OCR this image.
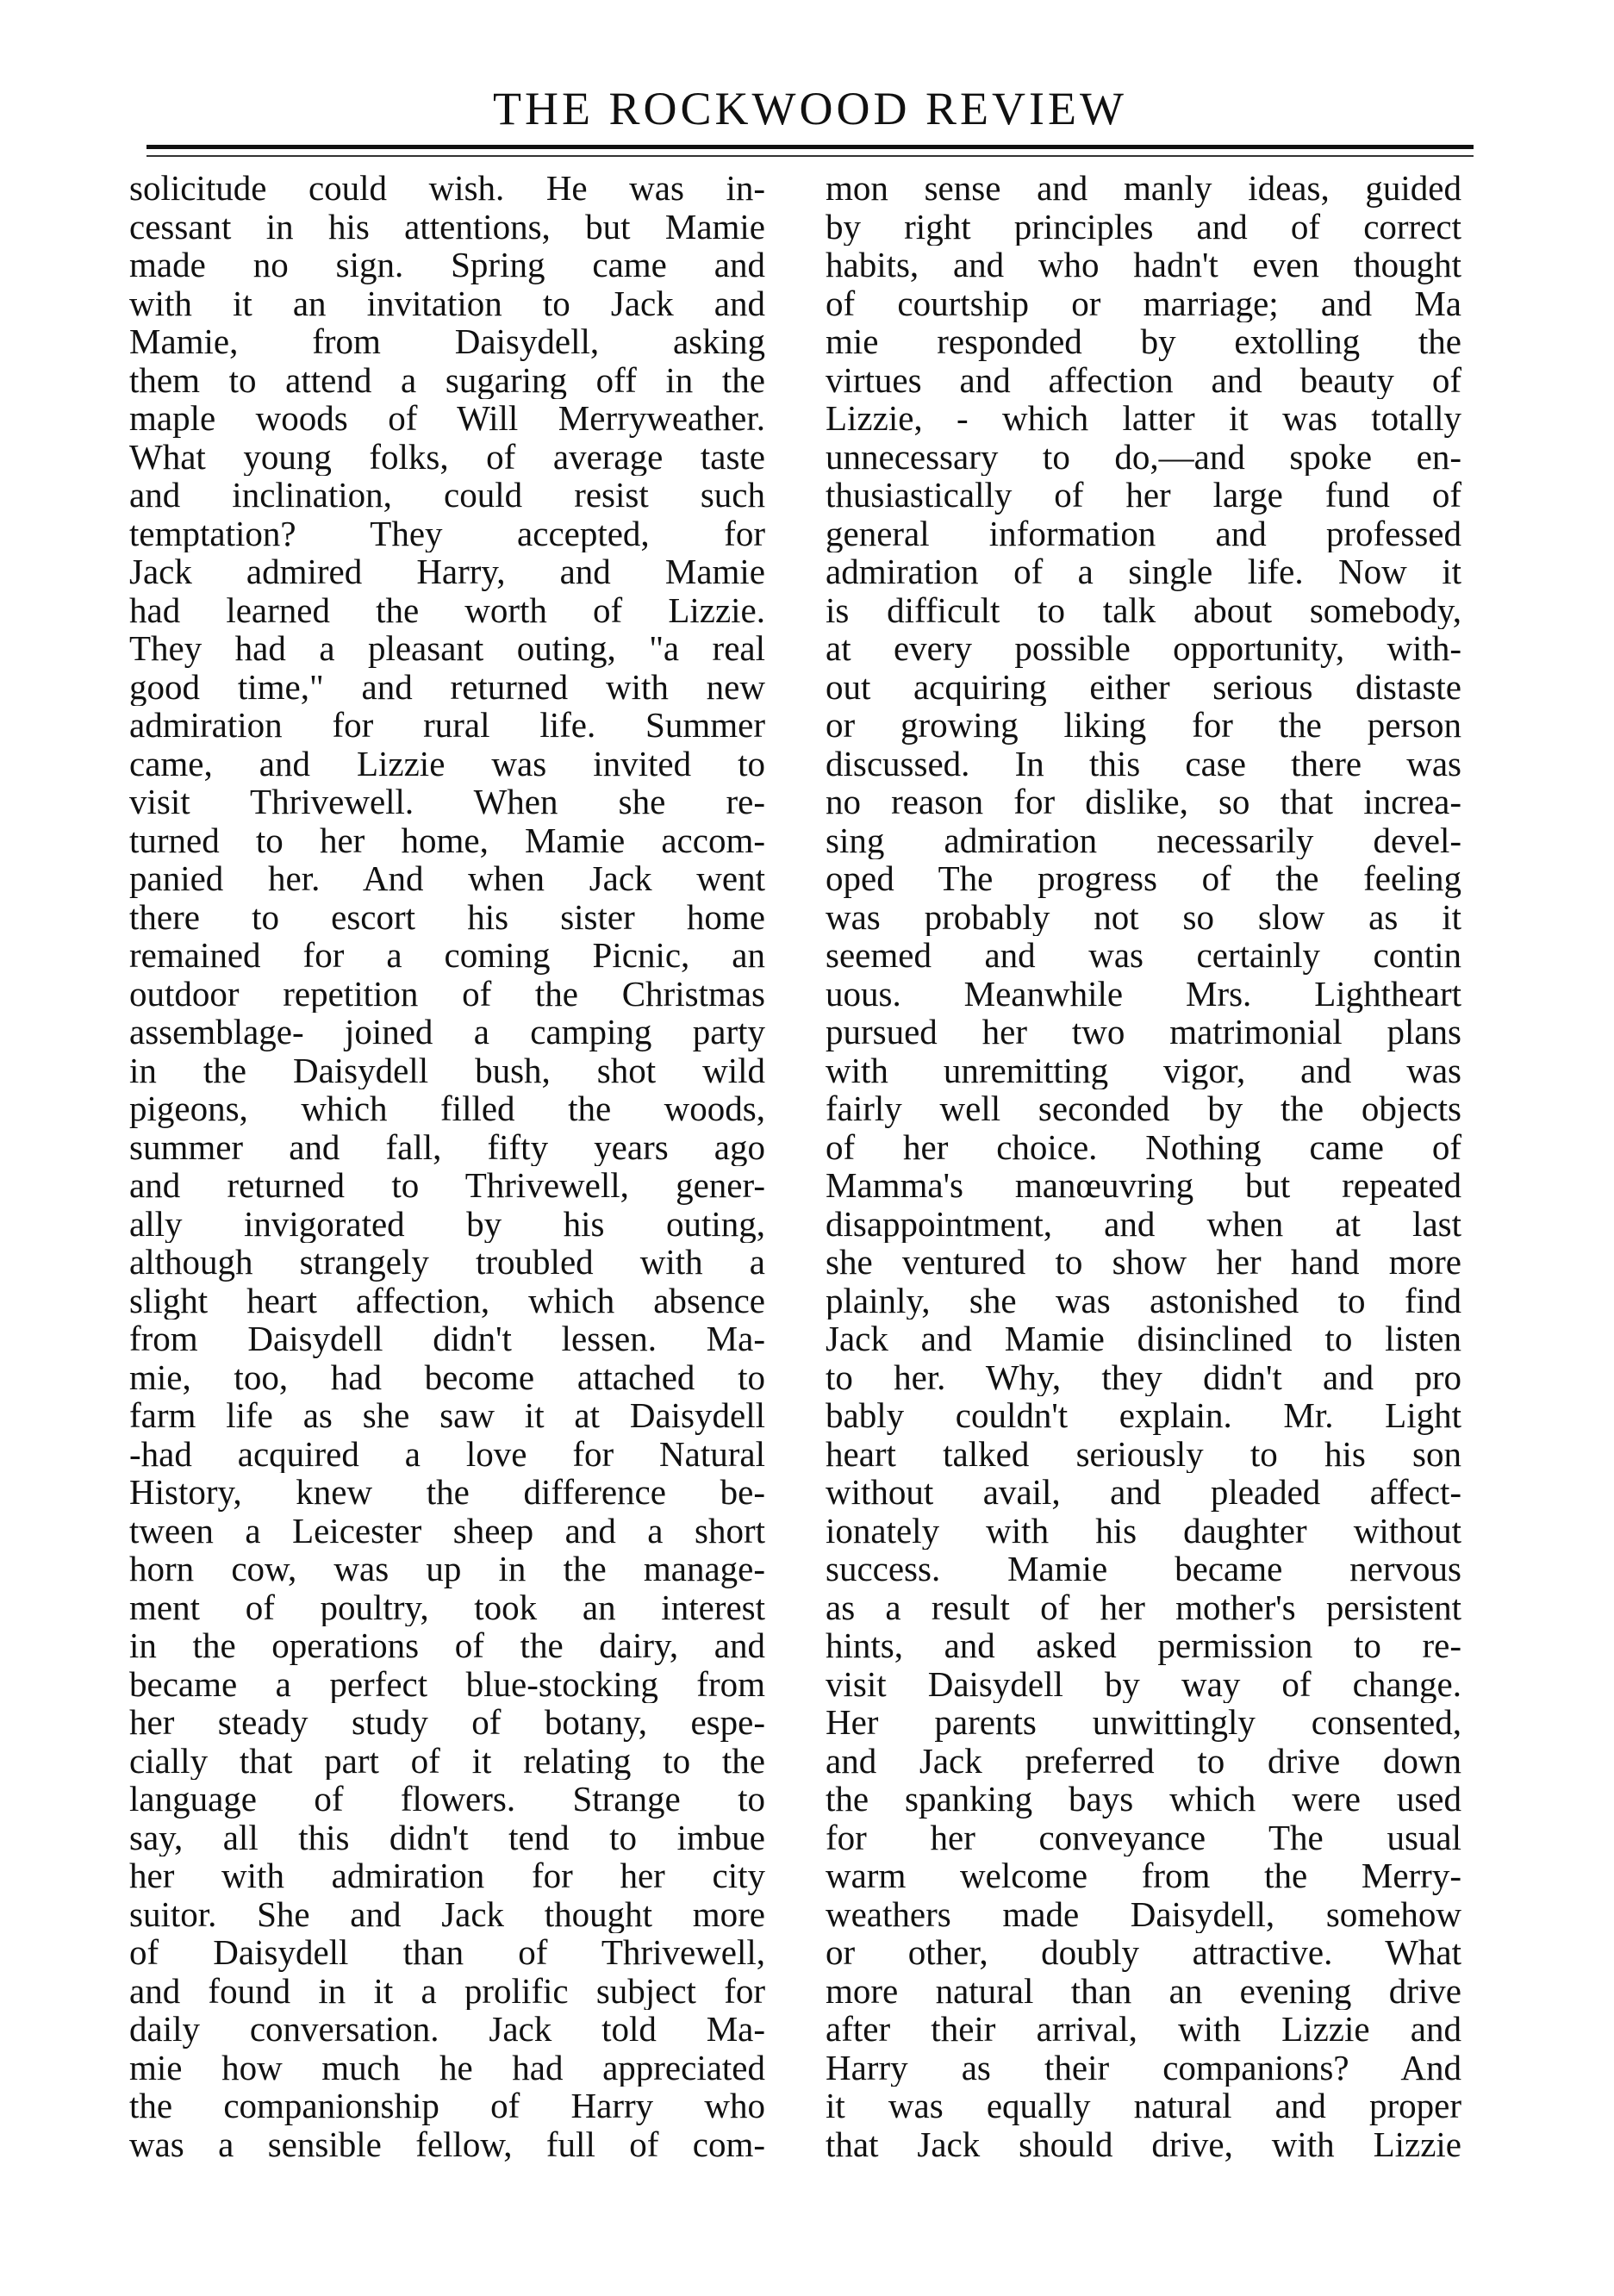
THE ROCKWOOD REVIEW
solicitude could wish. He was in-
cessant in his attentions, but Mamie
made no sign. Spring came and
with it an invitation to Jack and
Mamie, from Daisydell, asking
them to attend a sugaring off in the
maple woods of Will Merryweather.
What young folks, of average taste
and inclination, could resist such
temptation? They accepted, for
Jack admired Harry, and Mamie
had learned the worth of Lizzie.
They had a pleasant outing, "a real
good time," and returned with new
admiration for rural life. Summer
came, and Lizzie was invited to
visit Thrivewell. When she re-
turned to her home, Mamie accom-
panied her. And when Jack went
there to escort his sister home
remained for a coming Picnic, an
outdoor repetition of the Christmas
assemblage- joined a camping party
in the Daisydell bush, shot wild
pigeons, which filled the woods,
summer and fall, fifty years ago
and returned to Thrivewell, gener-
ally invigorated by his outing,
although strangely troubled with a
slight heart affection, which absence
from Daisydell didn't lessen. Ma-
mie, too, had become attached to
farm life as she saw it at Daisydell
-had acquired a love for Natural
History, knew the difference be-
tween a Leicester sheep and a short
horn cow, was up in the manage-
ment of poultry, took an interest
in the operations of the dairy, and
became a perfect blue-stocking from
her steady study of botany, espe-
cially that part of it relating to the
language of flowers. Strange to
say, all this didn't tend to imbue
her with admiration for her city
suitor. She and Jack thought more
of Daisydell than of Thrivewell,
and found in it a prolific subject for
daily conversation. Jack told Ma-
mie how much he had appreciated
the companionship of Harry who
was a sensible fellow, full of com-
mon sense and manly ideas, guided
by right principles and of correct
habits, and who hadn't even thought
of courtship or marriage; and Ma
mie responded by extolling the
virtues and affection and beauty of
Lizzie, - which latter it was totally
unnecessary to do,—and spoke en-
thusiastically of her large fund of
general information and professed
admiration of a single life. Now it
is difficult to talk about somebody,
at every possible opportunity, with-
out acquiring either serious distaste
or growing liking for the person
discussed. In this case there was
no reason for dislike, so that increa-
sing admiration necessarily devel-
oped The progress of the feeling
was probably not so slow as it
seemed and was certainly contin
uous. Meanwhile Mrs. Lightheart
pursued her two matrimonial plans
with unremitting vigor, and was
fairly well seconded by the objects
of her choice. Nothing came of
Mamma's manœuvring but repeated
disappointment, and when at last
she ventured to show her hand more
plainly, she was astonished to find
Jack and Mamie disinclined to listen
to her. Why, they didn't and pro
bably couldn't explain. Mr. Light
heart talked seriously to his son
without avail, and pleaded affect-
ionately with his daughter without
success. Mamie became nervous
as a result of her mother's persistent
hints, and asked permission to re-
visit Daisydell by way of change.
Her parents unwittingly consented,
and Jack preferred to drive down
the spanking bays which were used
for her conveyance The usual
warm welcome from the Merry-
weathers made Daisydell, somehow
or other, doubly attractive. What
more natural than an evening drive
after their arrival, with Lizzie and
Harry as their companions? And
it was equally natural and proper
that Jack should drive, with Lizzie
